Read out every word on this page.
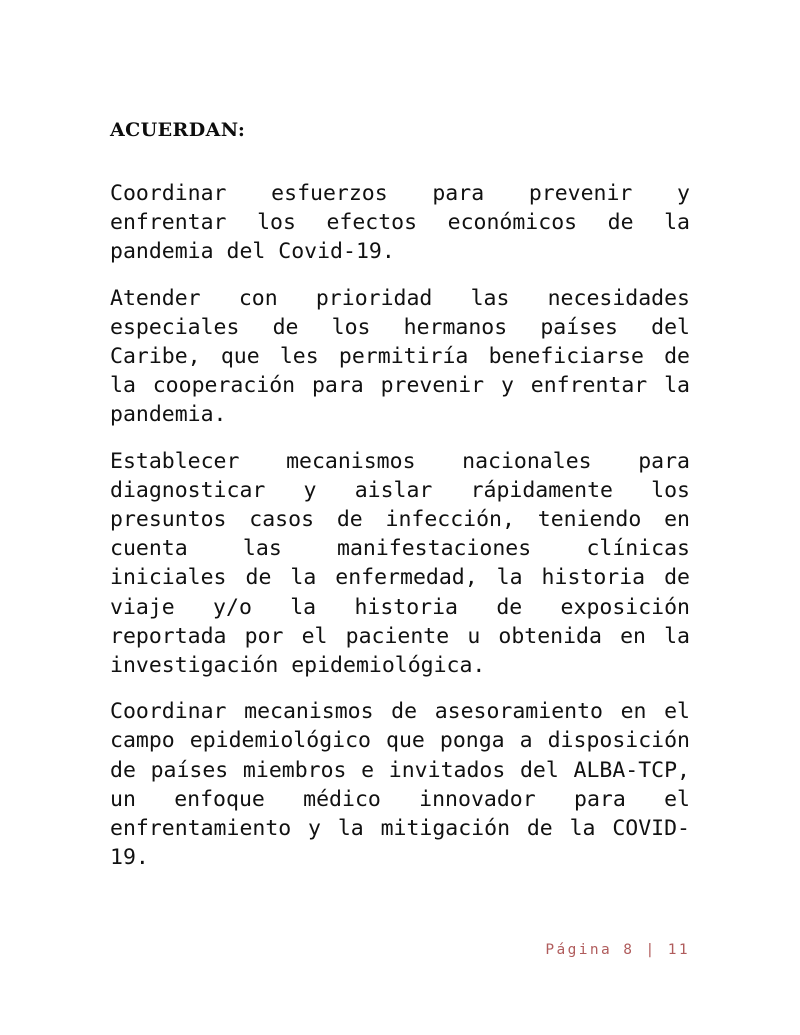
ACUERDAN:

Coordinar esfuerzos para prevenir y enfrentar los efectos económicos de la pandemia del Covid-19.

Atender con prioridad las necesidades especiales de los hermanos países del Caribe, que les permitiría beneficiarse de la cooperación para prevenir y enfrentar la pandemia.

Establecer mecanismos nacionales para diagnosticar y aislar rápidamente los presuntos casos de infección, teniendo en cuenta las manifestaciones clínicas iniciales de la enfermedad, la historia de viaje y/o la historia de exposición reportada por el paciente u obtenida en la investigación epidemiológica.

Coordinar mecanismos de asesoramiento en el campo epidemiológico que ponga a disposición de países miembros e invitados del ALBA-TCP, un enfoque médico innovador para el enfrentamiento y la mitigación de la COVID-19.

Página 8 | 11
